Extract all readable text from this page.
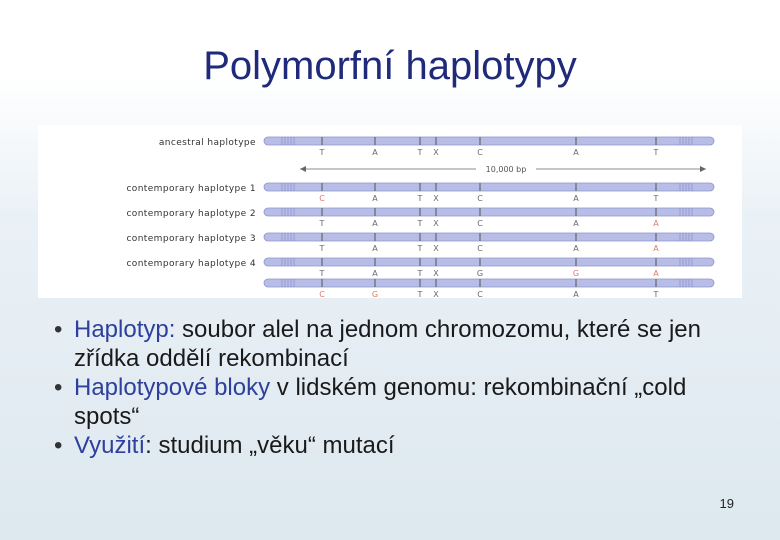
Polymorfní haplotypy
ancestral haplotype
T	A	T X	C	A	T
contemporary haplotype 1
C	A	T X	C	A	T
contemporary haplotype 2
T	A	T X	C	A	A
contemporary haplotype 3
T	A	T X	C	A	A
contemporary haplotype 4
T	A	T X	G	G	A
C	G	T X	C	A	T
10,000 bp
• Haplotyp: soubor alel na jednom chromozomu, které se jen zřídka oddělí rekombinací
• Haplotypové bloky v lidském genomu: rekombinační „cold spots“
• Využití: studium „věku“ mutací
19
